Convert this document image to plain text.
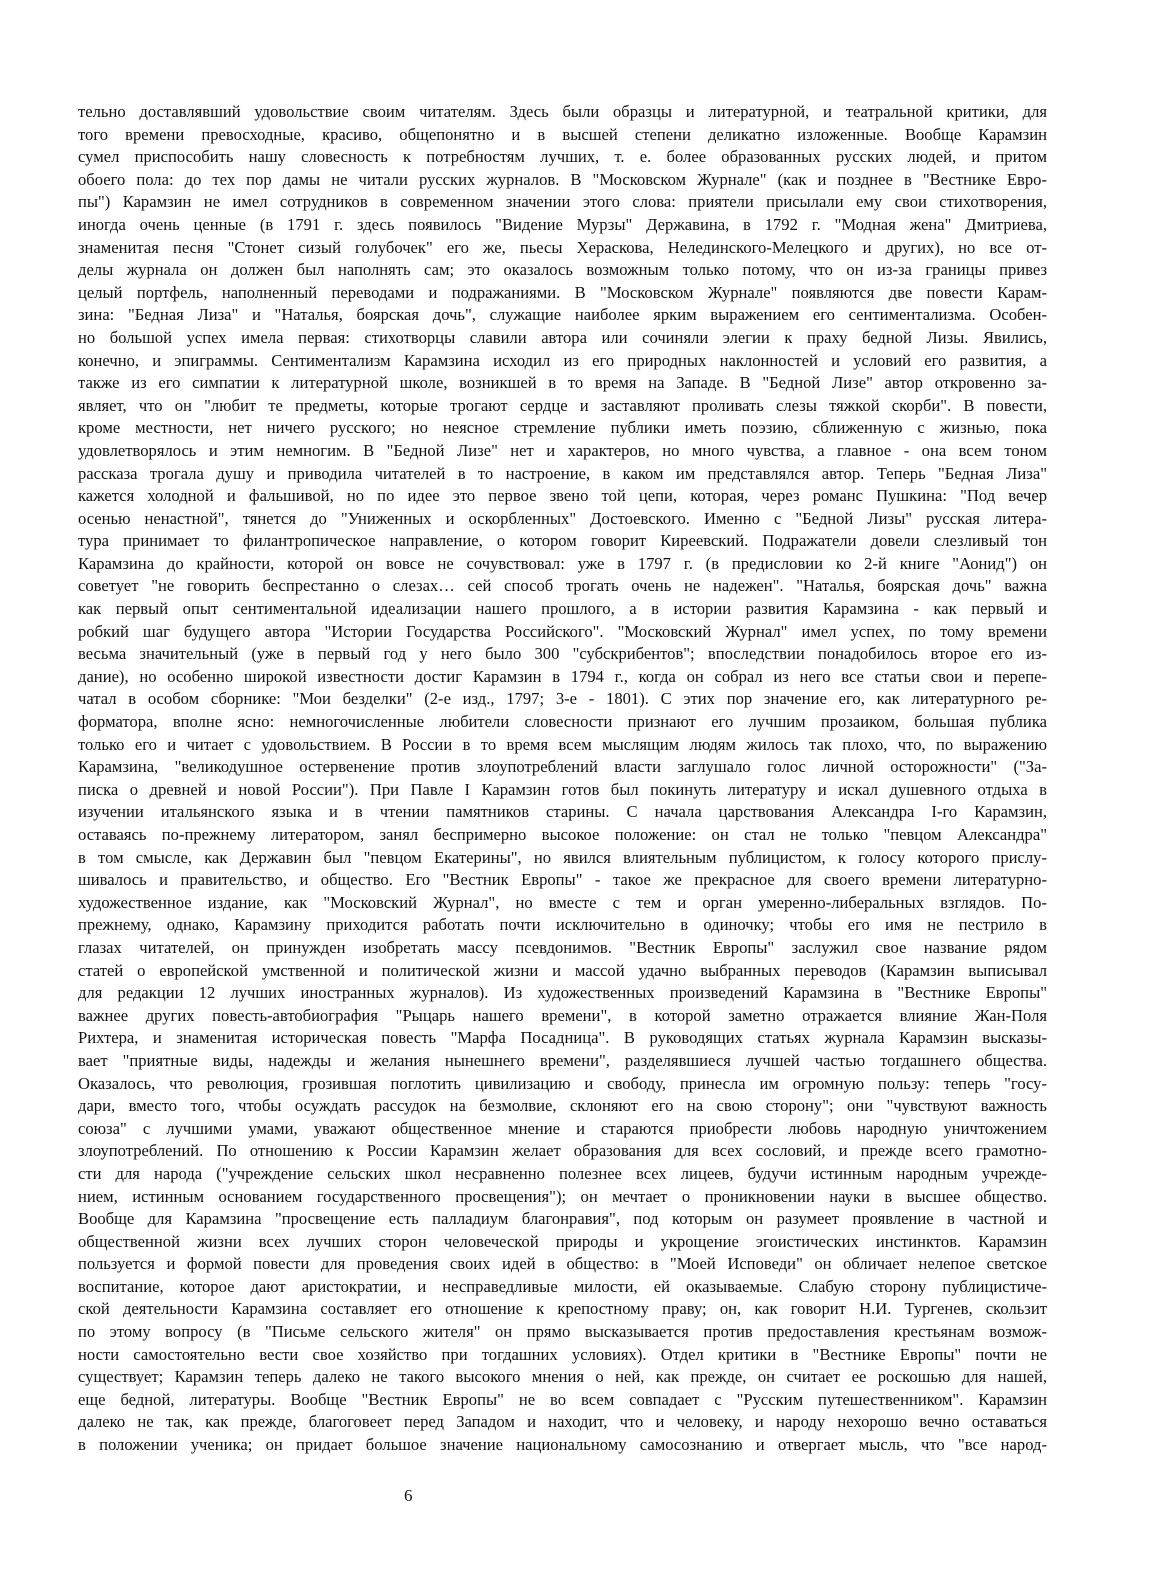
тельно доставлявший удовольствие своим читателям. Здесь были образцы и литературной, и театральной критики, для
того времени превосходные, красиво, общепонятно и в высшей степени деликатно изложенные. Вообще Карамзин
сумел приспособить нашу словесность к потребностям лучших, т. е. более образованных русских людей, и притом
обоего пола: до тех пор дамы не читали русских журналов. В "Московском Журнале" (как и позднее в "Вестнике Евро-
пы") Карамзин не имел сотрудников в современном значении этого слова: приятели присылали ему свои стихотворения,
иногда очень ценные (в 1791 г. здесь появилось "Видение Мурзы" Державина, в 1792 г. "Модная жена" Дмитриева,
знаменитая песня "Стонет сизый голубочек" его же, пьесы Хераскова, Нелединского-Мелецкого и других), но все от-
делы журнала он должен был наполнять сам; это оказалось возможным только потому, что он из-за границы привез
целый портфель, наполненный переводами и подражаниями. В "Московском Журнале" появляются две повести Карам-
зина: "Бедная Лиза" и "Наталья, боярская дочь", служащие наиболее ярким выражением его сентиментализма. Особен-
но большой успех имела первая: стихотворцы славили автора или сочиняли элегии к праху бедной Лизы. Явились,
конечно, и эпиграммы. Сентиментализм Карамзина исходил из его природных наклонностей и условий его развития, а
также из его симпатии к литературной школе, возникшей в то время на Западе. В "Бедной Лизе" автор откровенно за-
являет, что он "любит те предметы, которые трогают сердце и заставляют проливать слезы тяжкой скорби". В повести,
кроме местности, нет ничего русского; но неясное стремление публики иметь поэзию, сближенную с жизнью, пока
удовлетворялось и этим немногим. В "Бедной Лизе" нет и характеров, но много чувства, а главное - она всем тоном
рассказа трогала душу и приводила читателей в то настроение, в каком им представлялся автор. Теперь "Бедная Лиза"
кажется холодной и фальшивой, но по идее это первое звено той цепи, которая, через романс Пушкина: "Под вечер
осенью ненастной", тянется до "Униженных и оскорбленных" Достоевского. Именно с "Бедной Лизы" русская литера-
тура принимает то филантропическое направление, о котором говорит Киреевский. Подражатели довели слезливый тон
Карамзина до крайности, которой он вовсе не сочувствовал: уже в 1797 г. (в предисловии ко 2-й книге "Аонид") он
советует "не говорить беспрестанно о слезах… сей способ трогать очень не надежен". "Наталья, боярская дочь" важна
как первый опыт сентиментальной идеализации нашего прошлого, а в истории развития Карамзина - как первый и
робкий шаг будущего автора "Истории Государства Российского". "Московский Журнал" имел успех, по тому времени
весьма значительный (уже в первый год у него было 300 "субскрибентов"; впоследствии понадобилось второе его из-
дание), но особенно широкой известности достиг Карамзин в 1794 г., когда он собрал из него все статьи свои и перепе-
чатал в особом сборнике: "Мои безделки" (2-е изд., 1797; 3-е - 1801). С этих пор значение его, как литературного ре-
форматора, вполне ясно: немногочисленные любители словесности признают его лучшим прозаиком, большая публика
только его и читает с удовольствием. В России в то время всем мыслящим людям жилось так плохо, что, по выражению
Карамзина, "великодушное остервенение против злоупотреблений власти заглушало голос личной осторожности" ("За-
писка о древней и новой России"). При Павле I Карамзин готов был покинуть литературу и искал душевного отдыха в
изучении итальянского языка и в чтении памятников старины. С начала царствования Александра I-го Карамзин,
оставаясь по-прежнему литератором, занял беспримерно высокое положение: он стал не только "певцом Александра"
в том смысле, как Державин был "певцом Екатерины", но явился влиятельным публицистом, к голосу которого прислу-
шивалось и правительство, и общество. Его "Вестник Европы" - такое же прекрасное для своего времени литературно-
художественное издание, как "Московский Журнал", но вместе с тем и орган умеренно-либеральных взглядов. По-
прежнему, однако, Карамзину приходится работать почти исключительно в одиночку; чтобы его имя не пестрило в
глазах читателей, он принужден изобретать массу псевдонимов. "Вестник Европы" заслужил свое название рядом
статей о европейской умственной и политической жизни и массой удачно выбранных переводов (Карамзин выписывал
для редакции 12 лучших иностранных журналов). Из художественных произведений Карамзина в "Вестнике Европы"
важнее других повесть-автобиография "Рыцарь нашего времени", в которой заметно отражается влияние Жан-Поля
Рихтера, и знаменитая историческая повесть "Марфа Посадница". В руководящих статьях журнала Карамзин высказы-
вает "приятные виды, надежды и желания нынешнего времени", разделявшиеся лучшей частью тогдашнего общества.
Оказалось, что революция, грозившая поглотить цивилизацию и свободу, принесла им огромную пользу: теперь "госу-
дари, вместо того, чтобы осуждать рассудок на безмолвие, склоняют его на свою сторону"; они "чувствуют важность
союза" с лучшими умами, уважают общественное мнение и стараются приобрести любовь народную уничтожением
злоупотреблений. По отношению к России Карамзин желает образования для всех сословий, и прежде всего грамотно-
сти для народа ("учреждение сельских школ несравненно полезнее всех лицеев, будучи истинным народным учрежде-
нием, истинным основанием государственного просвещения"); он мечтает о проникновении науки в высшее общество.
Вообще для Карамзина "просвещение есть палладиум благонравия", под которым он разумеет проявление в частной и
общественной жизни всех лучших сторон человеческой природы и укрощение эгоистических инстинктов. Карамзин
пользуется и формой повести для проведения своих идей в общество: в "Моей Исповеди" он обличает нелепое светское
воспитание, которое дают аристократии, и несправедливые милости, ей оказываемые. Слабую сторону публицистиче-
ской деятельности Карамзина составляет его отношение к крепостному праву; он, как говорит Н.И. Тургенев, скользит
по этому вопросу (в "Письме сельского жителя" он прямо высказывается против предоставления крестьянам возмож-
ности самостоятельно вести свое хозяйство при тогдашних условиях). Отдел критики в "Вестнике Европы" почти не
существует; Карамзин теперь далеко не такого высокого мнения о ней, как прежде, он считает ее роскошью для нашей,
еще бедной, литературы. Вообще "Вестник Европы" не во всем совпадает с "Русским путешественником". Карамзин
далеко не так, как прежде, благоговеет перед Западом и находит, что и человеку, и народу нехорошо вечно оставаться
в положении ученика; он придает большое значение национальному самосознанию и отвергает мысль, что "все народ-
6
